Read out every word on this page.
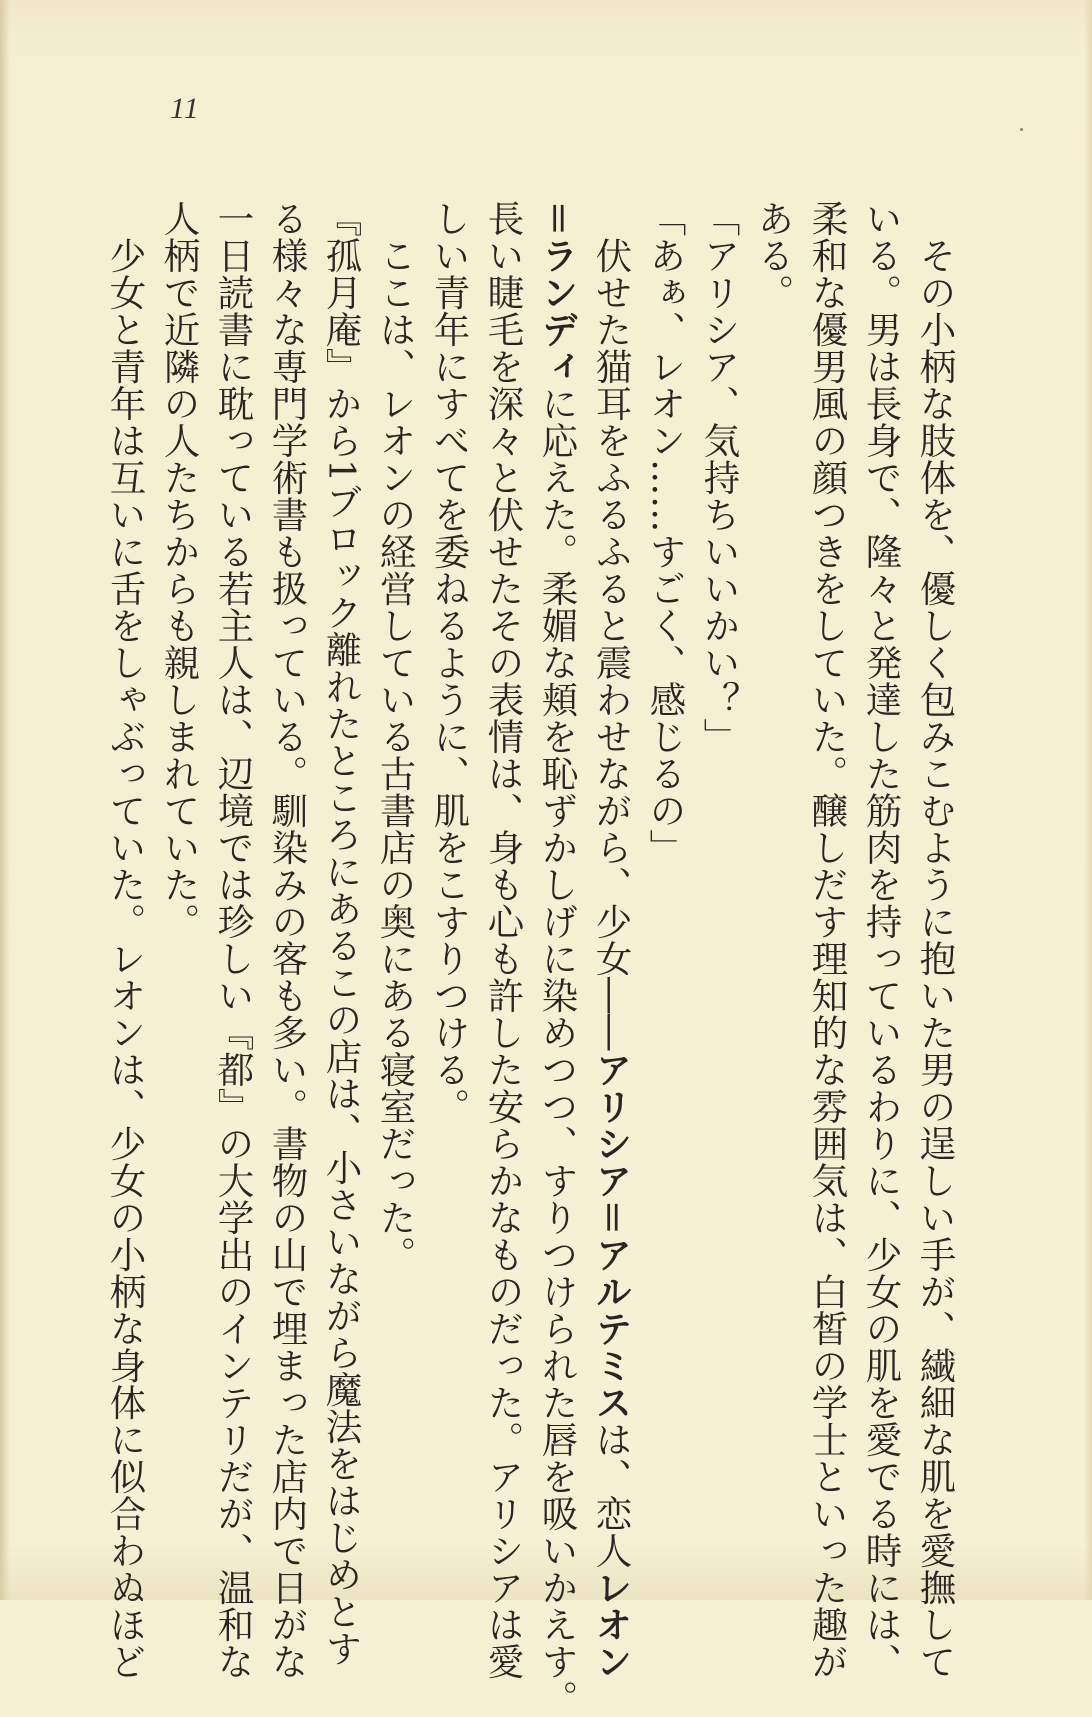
11

その小柄な肢体を、優しく包みこむように抱いた男の逞しい手が、繊細な肌を愛撫して

いる。男は長身で、隆々と発達した筋肉を持っているわりに、少女の肌を愛でる時には、

柔和な優男風の顔つきをしていた。醸しだす理知的な雰囲気は、白皙の学士といった趣が

ある。

「アリシア、気持ちいいかい？」

「あぁ、レオン……すごく、感じるの」

伏せた猫耳をふるふると震わせながら、少女――アリシア＝アルテミスは、恋人レオン

＝ランディに応えた。柔媚な頬を恥ずかしげに染めつつ、すりつけられた唇を吸いかえす。

長い睫毛を深々と伏せたその表情は、身も心も許した安らかなものだった。アリシアは愛

しい青年にすべてを委ねるように、肌をこすりつける。

ここは、レオンの経営している古書店の奥にある寝室だった。

『孤月庵』から1ブロック離れたところにあるこの店は、小さいながら魔法をはじめとす

る様々な専門学術書も扱っている。馴染みの客も多い。書物の山で埋まった店内で日がな

一日読書に耽っている若主人は、辺境では珍しい『都』の大学出のインテリだが、温和な

人柄で近隣の人たちからも親しまれていた。

少女と青年は互いに舌をしゃぶっていた。レオンは、少女の小柄な身体に似合わぬほど
